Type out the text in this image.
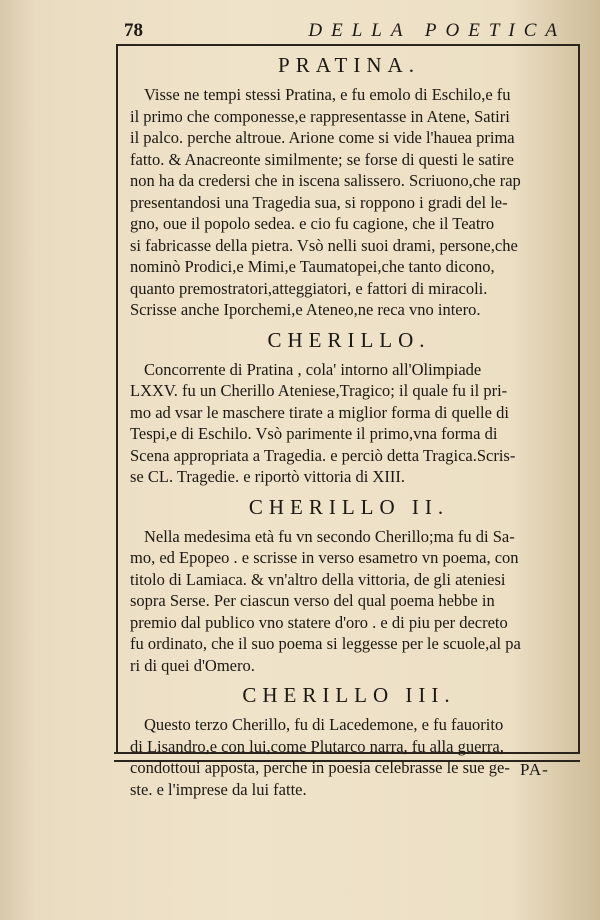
78	DELLA POETICA
PRATINA.
Visse ne tempi stessi Pratina, e fu emolo di Eschilo,e fu
il primo che componesse,e rappresentasse in Atene, Satiri
il palco. perche altroue. Arione come si vide l'hauea prima
fatto. & Anacreonte similmente; se forse di questi le satire
non ha da credersi che in iscena salissero. Scriuono,che rap
presentandosi una Tragedia sua, si roppono i gradi del le-
gno, oue il popolo sedea. e cio fu cagione, che il Teatro
si fabricasse della pietra. Vsò nelli suoi drami, persone,che
nominò Prodici,e Mimi,e Taumatopei,che tanto dicono,
quanto premostratori,atteggiatori, e fattori di miracoli.
Scrisse anche Iporchemi,e Ateneo,ne reca vno intero.
CHERILLO.
Concorrente di Pratina , cola' intorno all'Olimpiade
LXXV. fu un Cherillo Ateniese,Tragico; il quale fu il pri-
mo ad vsar le maschere tirate a miglior forma di quelle di
Tespi,e di Eschilo. Vsò parimente il primo,vna forma di
Scena appropriata a Tragedia. e perciò detta Tragica.Scris-
se CL. Tragedie. e riportò vittoria di XIII.
CHERILLO II.
Nella medesima età fu vn secondo Cherillo;ma fu di Sa-
mo, ed Epopeo . e scrisse in verso esametro vn poema, con
titolo di Lamiaca. & vn'altro della vittoria, de gli ateniesi
sopra Serse. Per ciascun verso del qual poema hebbe in
premio dal publico vno statere d'oro . e di piu per decreto
fu ordinato, che il suo poema si leggesse per le scuole,al pa
ri di quei d'Omero.
CHERILLO III.
Questo terzo Cherillo, fu di Lacedemone, e fu fauorito
di Lisandro,e con lui,come Plutarco narra, fu alla guerra,
condottoui apposta, perche in poesia celebrasse le sue ge-
ste. e l'imprese da lui fatte.
PA-
